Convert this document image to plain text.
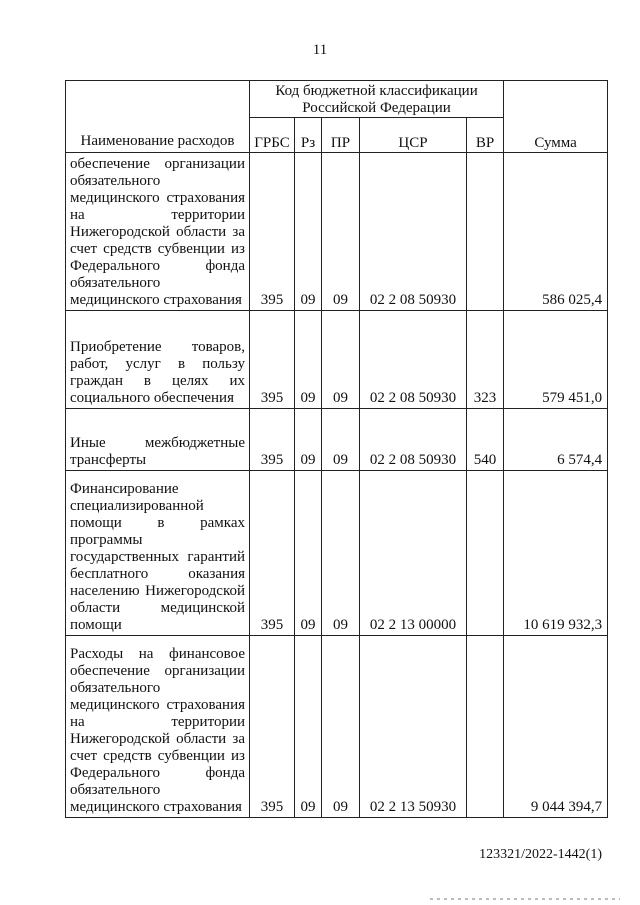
11
Наименование расходов	Код бюджетной классификации Российской Федерации					Сумма
	ГРБС	Рз	ПР	ЦСР	ВР	
обеспечение организации обязательного медицинского страхования на территории Нижегородской области за счет средств субвенции из Федерального фонда обязательного медицинского страхования	395	09	09	02 2 08 50930		586 025,4
Приобретение товаров, работ, услуг в пользу граждан в целях их социального обеспечения	395	09	09	02 2 08 50930	323	579 451,0
Иные межбюджетные трансферты	395	09	09	02 2 08 50930	540	6 574,4
Финансирование специализированной помощи в рамках программы государственных гарантий бесплатного оказания населению Нижегородской области медицинской помощи	395	09	09	02 2 13 00000		10 619 932,3
Расходы на финансовое обеспечение организации обязательного медицинского страхования на территории Нижегородской области за счет средств субвенции из Федерального фонда обязательного медицинского страхования	395	09	09	02 2 13 50930		9 044 394,7
123321/2022-1442(1)
